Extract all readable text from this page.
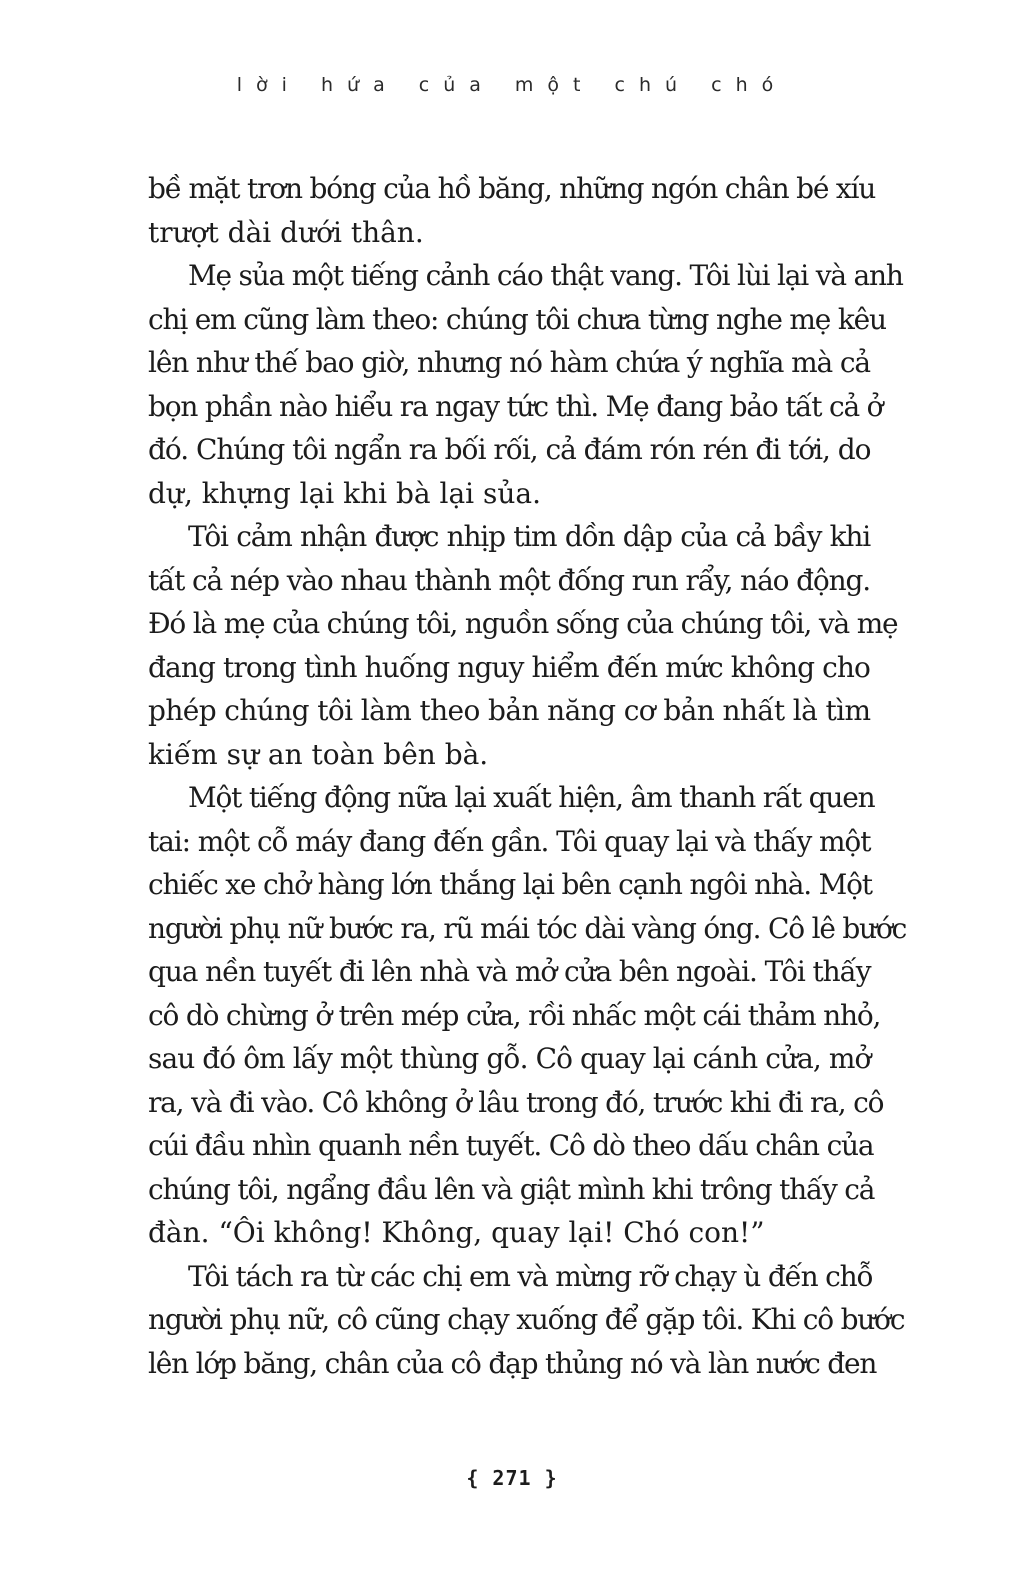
lời hứa của một chú chó

bề mặt trơn bóng của hồ băng, những ngón chân bé xíu
trượt dài dưới thân.

Mẹ sủa một tiếng cảnh cáo thật vang. Tôi lùi lại và anh
chị em cũng làm theo: chúng tôi chưa từng nghe mẹ kêu
lên như thế bao giờ, nhưng nó hàm chứa ý nghĩa mà cả
bọn phần nào hiểu ra ngay tức thì. Mẹ đang bảo tất cả ở
đó. Chúng tôi ngẩn ra bối rối, cả đám rón rén đi tới, do
dự, khựng lại khi bà lại sủa.

Tôi cảm nhận được nhịp tim dồn dập của cả bầy khi
tất cả nép vào nhau thành một đống run rẩy, náo động.
Đó là mẹ của chúng tôi, nguồn sống của chúng tôi, và mẹ
đang trong tình huống nguy hiểm đến mức không cho
phép chúng tôi làm theo bản năng cơ bản nhất là tìm
kiếm sự an toàn bên bà.

Một tiếng động nữa lại xuất hiện, âm thanh rất quen
tai: một cỗ máy đang đến gần. Tôi quay lại và thấy một
chiếc xe chở hàng lớn thắng lại bên cạnh ngôi nhà. Một
người phụ nữ bước ra, rũ mái tóc dài vàng óng. Cô lê bước
qua nền tuyết đi lên nhà và mở cửa bên ngoài. Tôi thấy
cô dò chừng ở trên mép cửa, rồi nhấc một cái thảm nhỏ,
sau đó ôm lấy một thùng gỗ. Cô quay lại cánh cửa, mở
ra, và đi vào. Cô không ở lâu trong đó, trước khi đi ra, cô
cúi đầu nhìn quanh nền tuyết. Cô dò theo dấu chân của
chúng tôi, ngẩng đầu lên và giật mình khi trông thấy cả
đàn. “Ôi không! Không, quay lại! Chó con!”

Tôi tách ra từ các chị em và mừng rỡ chạy ù đến chỗ
người phụ nữ, cô cũng chạy xuống để gặp tôi. Khi cô bước
lên lớp băng, chân của cô đạp thủng nó và làn nước đen

{ 271 }
